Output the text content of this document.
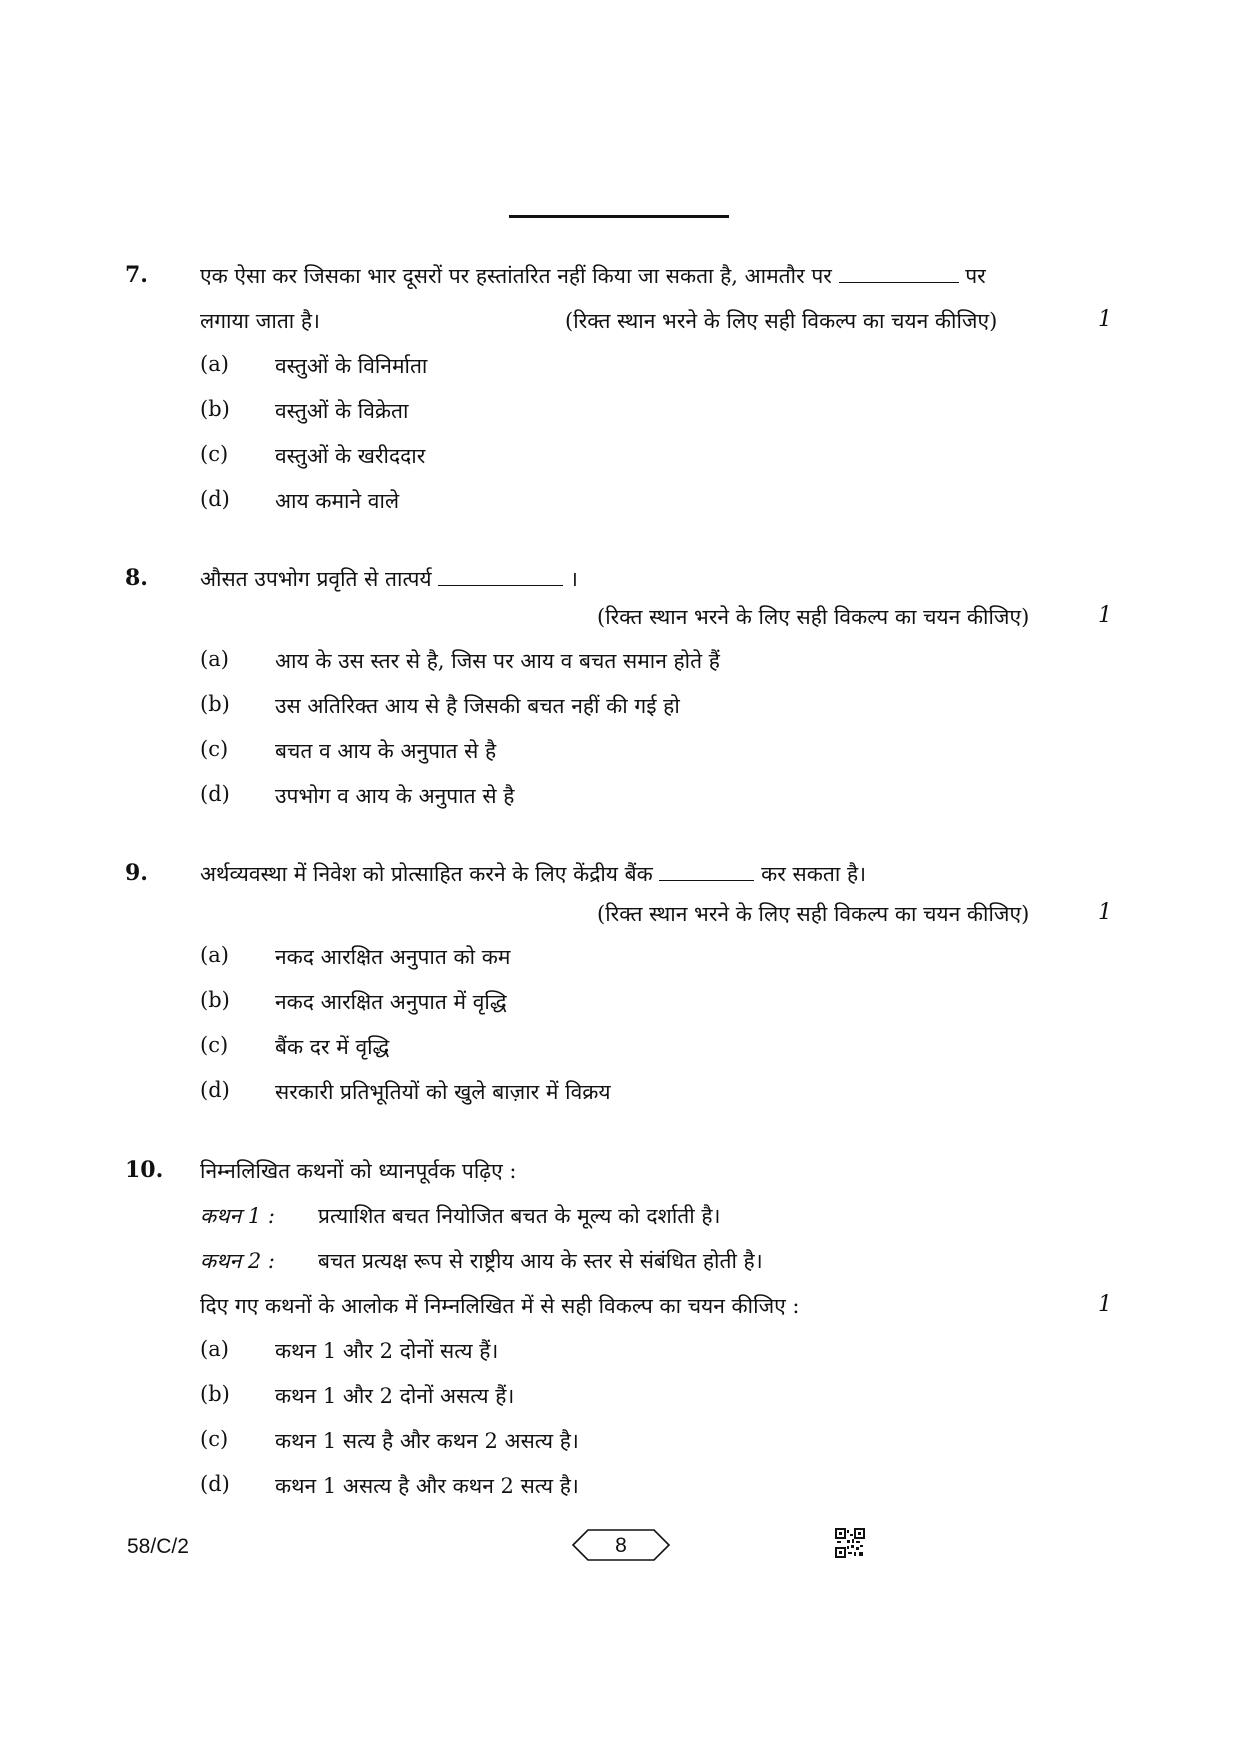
7. एक ऐसा कर जिसका भार दूसरों पर हस्तांतरित नहीं किया जा सकता है, आमतौर पर	पर
लगाया जाता है।	(रिक्त स्थान भरने के लिए सही विकल्प का चयन कीजिए)	1
(a) वस्तुओं के विनिर्माता
(b) वस्तुओं के विक्रेता
(c) वस्तुओं के खरीददार
(d) आय कमाने वाले
8. औसत उपभोग प्रवृति से तात्पर्य	।
(रिक्त स्थान भरने के लिए सही विकल्प का चयन कीजिए)	1
(a) आय के उस स्तर से है, जिस पर आय व बचत समान होते हैं
(b) उस अतिरिक्त आय से है जिसकी बचत नहीं की गई हो
(c) बचत व आय के अनुपात से है
(d) उपभोग व आय के अनुपात से है
9. अर्थव्यवस्था में निवेश को प्रोत्साहित करने के लिए केंद्रीय बैंक	कर सकता है।
(रिक्त स्थान भरने के लिए सही विकल्प का चयन कीजिए)	1
(a) नकद आरक्षित अनुपात को कम
(b) नकद आरक्षित अनुपात में वृद्धि
(c) बैंक दर में वृद्धि
(d) सरकारी प्रतिभूतियों को खुले बाज़ार में विक्रय
10. निम्नलिखित कथनों को ध्यानपूर्वक पढ़िए :
कथन 1 : प्रत्याशित बचत नियोजित बचत के मूल्य को दर्शाती है।
कथन 2 : बचत प्रत्यक्ष रूप से राष्ट्रीय आय के स्तर से संबंधित होती है।
दिए गए कथनों के आलोक में निम्नलिखित में से सही विकल्प का चयन कीजिए :	1
(a) कथन 1 और 2 दोनों सत्य हैं।
(b) कथन 1 और 2 दोनों असत्य हैं।
(c) कथन 1 सत्य है और कथन 2 असत्य है।
(d) कथन 1 असत्य है और कथन 2 सत्य है।
58/C/2	8
